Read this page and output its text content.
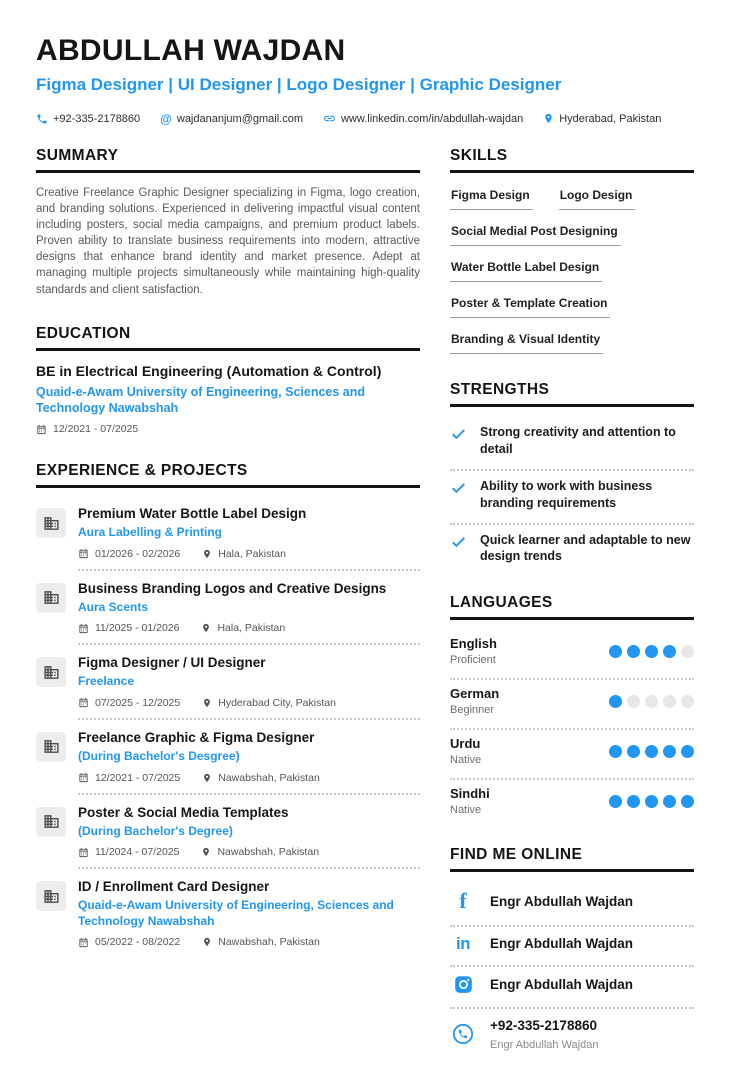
ABDULLAH WAJDAN
Figma Designer | UI Designer | Logo Designer | Graphic Designer
+92-335-2178860 @ wajdananjum@gmail.com	www.linkedin.com/in/abdullah-wajdan	Hyderabad, Pakistan
SUMMARY
Creative Freelance Graphic Designer specializing in Figma, logo creation, and branding solutions. Experienced in delivering impactful visual content including posters, social media campaigns, and premium product labels. Proven ability to translate business requirements into modern, attractive designs that enhance brand identity and market presence. Adept at managing multiple projects simultaneously while maintaining high-quality standards and client satisfaction.
EDUCATION
BE in Electrical Engineering (Automation & Control)
Quaid-e-Awam University of Engineering, Sciences and Technology Nawabshah
12/2021 - 07/2025
EXPERIENCE & PROJECTS
Premium Water Bottle Label Design
Aura Labelling & Printing
01/2026 - 02/2026	Hala, Pakistan
Business Branding Logos and Creative Designs
Aura Scents
11/2025 - 01/2026	Hala, Pakistan
Figma Designer / UI Designer
Freelance
07/2025 - 12/2025	Hyderabad City, Pakistan
Freelance Graphic & Figma Designer
(During Bachelor's Desgree)
12/2021 - 07/2025	Nawabshah, Pakistan
Poster & Social Media Templates
(During Bachelor's Degree)
11/2024 - 07/2025	Nawabshah, Pakistan
ID / Enrollment Card Designer
Quaid-e-Awam University of Engineering, Sciences and Technology Nawabshah
05/2022 - 08/2022	Nawabshah, Pakistan
SKILLS
Figma Design	Logo Design
Social Medial Post Designing
Water Bottle Label Design
Poster & Template Creation
Branding & Visual Identity
STRENGTHS
Strong creativity and attention to detail
Ability to work with business branding requirements
Quick learner and adaptable to new design trends
LANGUAGES
English
Proficient
German
Beginner
Urdu
Native
Sindhi
Native
FIND ME ONLINE
f Engr Abdullah Wajdan
in Engr Abdullah Wajdan
Engr Abdullah Wajdan
+92-335-2178860
Engr Abdullah Wajdan
